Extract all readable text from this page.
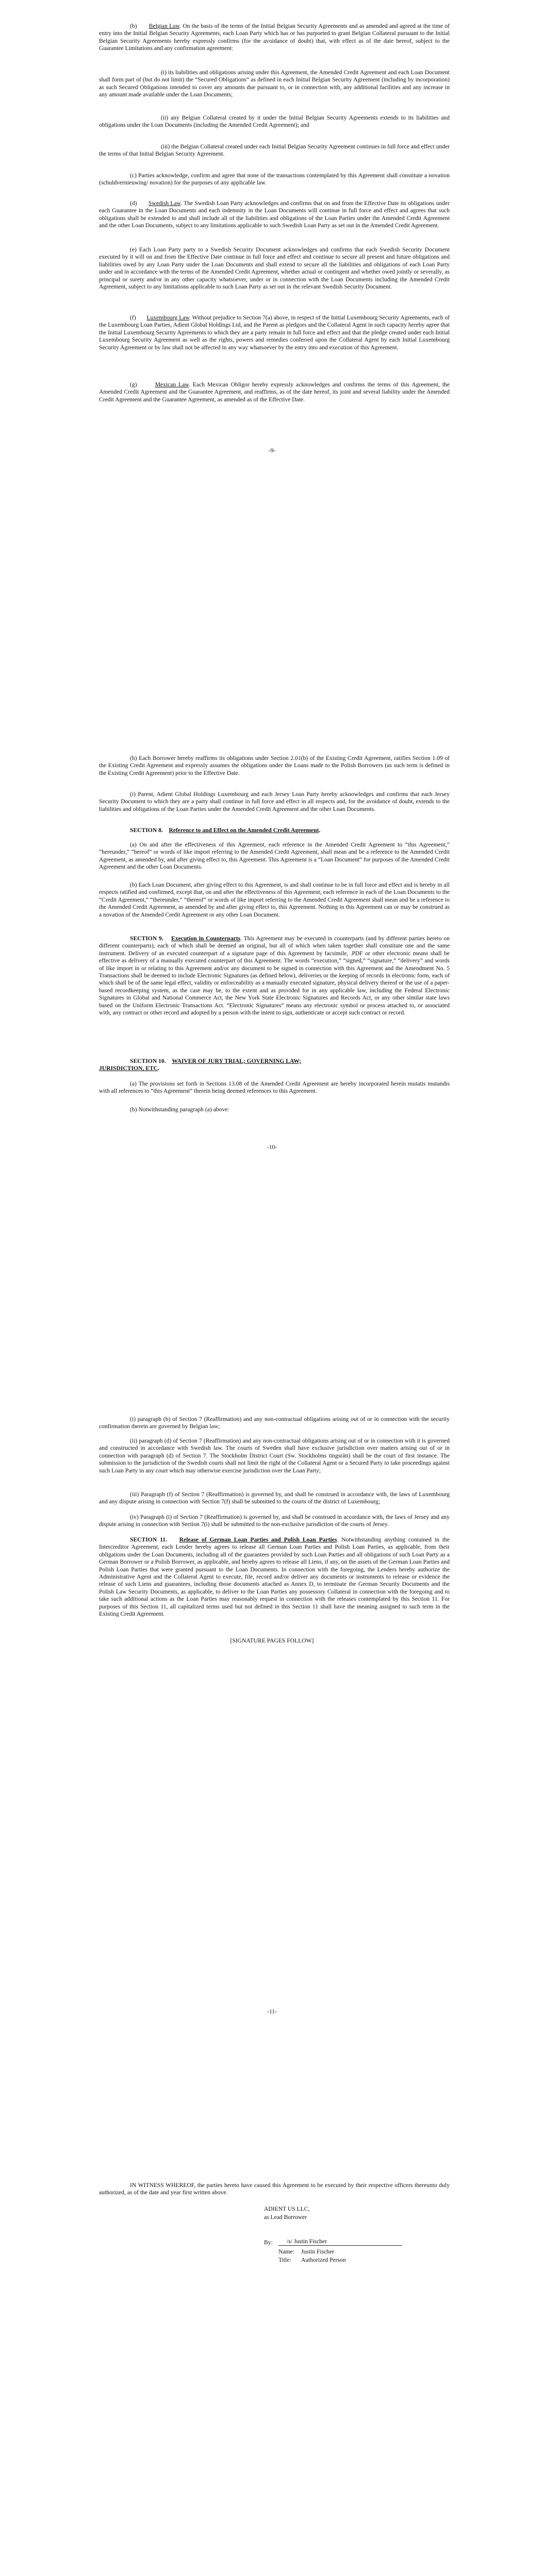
(b) Belgian Law. On the basis of the terms of the Initial Belgian Security Agreements and as amended and agreed at the time of entry into the Initial Belgian Security Agreements, each Loan Party which has or has purported to grant Belgian Collateral pursuant to the Initial Belgian Security Agreements hereby expressly confirms (for the avoidance of doubt) that, with effect as of the date hereof, subject to the Guarantee Limitations and any confirmation agreement:

(i) its liabilities and obligations arising under this Agreement, the Amended Credit Agreement and each Loan Document shall form part of (but do not limit) the “Secured Obligations” as defined in each Initial Belgian Security Agreement (including by incorporation) as such Secured Obligations intended to cover any amounts due pursuant to, or in connection with, any additional facilities and any increase in any amount made available under the Loan Documents;

(ii) any Belgian Collateral created by it under the Initial Belgian Security Agreements extends to its liabilities and obligations under the Loan Documents (including the Amended Credit Agreement); and

(iii) the Belgian Collateral created under each Initial Belgian Security Agreement continues in full force and effect under the terms of that Initial Belgian Security Agreement.

(c) Parties acknowledge, confirm and agree that none of the transactions contemplated by this Agreement shall constitute a novation (schuldvernieuwing/ novation) for the purposes of any applicable law.

(d) Swedish Law. The Swedish Loan Party acknowledges and confirms that on and from the Effective Date its obligations under each Guarantee in the Loan Documents and each indemnity in the Loan Documents will continue in full force and effect and agrees that such obligations shall be extended to and shall include all of the liabilities and obligations of the Loan Parties under the Amended Credit Agreement and the other Loan Documents, subject to any limitations applicable to such Swedish Loan Party as set out in the Amended Credit Agreement.

(e) Each Loan Party party to a Swedish Security Document acknowledges and confirms that each Swedish Security Document executed by it will on and from the Effective Date continue in full force and effect and continue to secure all present and future obligations and liabilities owed by any Loan Party under the Loan Documents and shall extend to secure all the liabilities and obligations of each Loan Party under and in accordance with the terms of the Amended Credit Agreement, whether actual or contingent and whether owed jointly or severally, as principal or surety and/or in any other capacity whatsoever, under or in connection with the Loan Documents including the Amended Credit Agreement, subject to any limitations applicable to such Loan Party as set out in the relevant Swedish Security Document.

(f) Luxembourg Law. Without prejudice to Section 7(a) above, in respect of the Initial Luxembourg Security Agreements, each of the Luxembourg Loan Parties, Adient Global Holdings Ltd, and the Parent as pledgors and the Collateral Agent in such capacity hereby agree that the Initial Luxembourg Security Agreements to which they are a party remain in full force and effect and that the pledge created under each Initial Luxembourg Security Agreement as well as the rights, powers and remedies conferred upon the Collateral Agent by each Initial Luxembourg Security Agreement or by law shall not be affected in any way whatsoever by the entry into and execution of this Agreement.

(g)	Mexican Law. Each Mexican Obligor hereby expressly acknowledges and confirms the terms of this Agreement, the Amended Credit Agreement and the Guarantee Agreement, and reaffirms, as of the date hereof, its joint and several liability under the Amended Credit Agreement and the Guarantee Agreement, as amended as of the Effective Date.

-9-

(h) Each Borrower hereby reaffirms its obligations under Section 2.01(b) of the Existing Credit Agreement, ratifies Section 1.09 of the Existing Credit Agreement and expressly assumes the obligations under the Loans made to the Polish Borrowers (as such term is defined in the Existing Credit Agreement) prior to the Effective Date.

(i) Parent, Adient Global Holdings Luxembourg and each Jersey Loan Party hereby acknowledges and confirms that each Jersey Security Document to which they are a party shall continue in full force and effect in all respects and, for the avoidance of doubt, extends to the liabilities and obligations of the Loan Parties under the Amended Credit Agreement and the other Loan Documents.

SECTION 8. Reference to and Effect on the Amended Credit Agreement.

(a) On and after the effectiveness of this Agreement, each reference in the Amended Credit Agreement to “this Agreement,” “hereunder,” “hereof” or words of like import referring to the Amended Credit Agreement, shall mean and be a reference to the Amended Credit Agreement, as amended by, and after giving effect to, this Agreement. This Agreement is a “Loan Document” for purposes of the Amended Credit Agreement and the other Loan Documents.

(b) Each Loan Document, after giving effect to this Agreement, is and shall continue to be in full force and effect and is hereby in all respects ratified and confirmed, except that, on and after the effectiveness of this Agreement, each reference in each of the Loan Documents to the “Credit Agreement,” “thereunder,” “thereof” or words of like import referring to the Amended Credit Agreement shall mean and be a reference to the Amended Credit Agreement, as amended by and after giving effect to, this Agreement. Nothing in this Agreement can or may be construed as a novation of the Amended Credit Agreement or any other Loan Document.

SECTION 9. Execution in Counterparts. This Agreement may be executed in counterparts (and by different parties hereto on different counterparts), each of which shall be deemed an original, but all of which when taken together shall constitute one and the same instrument. Delivery of an executed counterpart of a signature page of this Agreement by facsimile, .PDF or other electronic means shall be effective as delivery of a manually executed counterpart of this Agreement. The words “execution,” “signed,” “signature,” “delivery” and words of like import in or relating to this Agreement and/or any document to be signed in connection with this Agreement and the Amendment No. 5 Transactions shall be deemed to include Electronic Signatures (as defined below), deliveries or the keeping of records in electronic form, each of which shall be of the same legal effect, validity or enforceability as a manually executed signature, physical delivery thereof or the use of a paper-based recordkeeping system, as the case may be, to the extent and as provided for in any applicable law, including the Federal Electronic Signatures in Global and National Commerce Act, the New York State Electronic Signatures and Records Act, or any other similar state laws based on the Uniform Electronic Transactions Act. “Electronic Signatures” means any electronic symbol or process attached to, or associated with, any contract or other record and adopted by a person with the intent to sign, authenticate or accept such contract or record.

SECTION 10. WAIVER OF JURY TRIAL; GOVERNING LAW;
JURISDICTION, ETC.

(a) The provisions set forth in Sections 13.08 of the Amended Credit Agreement are hereby incorporated herein mutatis mutandis with all references to “this Agreement” therein being deemed references to this Agreement.

(b) Notwithstanding paragraph (a) above:

-10-

(i) paragraph (b) of Section 7 (Reaffirmation) and any non-contractual obligations arising out of or in connection with the security confirmation therein are governed by Belgian law;

(ii) paragraph (d) of Section 7 (Reaffirmation) and any non-contractual obligations arising out of or in connection with it is governed and constructed in accordance with Swedish law. The courts of Sweden shall have exclusive jurisdiction over matters arising out of or in connection with paragraph (d) of Section 7. The Stockholm District Court (Sw. Stockholms tingsrätt) shall be the court of first instance. The submission to the jurisdiction of the Swedish courts shall not limit the right of the Collateral Agent or a Secured Party to take proceedings against such Loan Party in any court which may otherwise exercise jurisdiction over the Loan Party;

(iii) Paragraph (f) of Section 7 (Reaffirmation) is governed by, and shall be construed in accordance with, the laws of Luxembourg and any dispute arising in connection with Section 7(f) shall be submitted to the courts of the district of Luxembourg;

(iv) Paragraph (i) of Section 7 (Reaffirmation) is governed by, and shall be construed in accordance with, the laws of Jersey and any dispute arising in connection with Section 7(i) shall be submitted to the non-exclusive jurisdiction of the courts of Jersey.

SECTION 11. Release of German Loan Parties and Polish Loan Parties. Notwithstanding anything contained in the Intercreditor Agreement, each Lender hereby agrees to release all German Loan Parties and Polish Loan Parties, as applicable, from their obligations under the Loan Documents, including all of the guarantees provided by such Loan Parties and all obligations of such Loan Party as a German Borrower or a Polish Borrower, as applicable, and hereby agrees to release all Liens, if any, on the assets of the German Loan Parties and Polish Loan Parties that were granted pursuant to the Loan Documents. In connection with the foregoing, the Lenders hereby authorize the Administrative Agent and the Collateral Agent to execute, file, record and/or deliver any documents or instruments to release or evidence the release of such Liens and guarantees, including those documents attached as Annex D, to terminate the German Security Documents and the Polish Law Security Documents, as applicable, to deliver to the Loan Parties any possessory Collateral in connection with the foregoing and to take such additional actions as the Loan Parties may reasonably request in connection with the releases contemplated by this Section 11. For purposes of this Section 11, all capitalized terms used but not defined in this Section 11 shall have the meaning assigned to such term in the Existing Credit Agreement.

[SIGNATURE PAGES FOLLOW]
-11-

IN WITNESS WHEREOF, the parties hereto have caused this Agreement to be executed by their respective officers thereunto duly authorized, as of the date and year first written above.

ADIENT US LLC,
as Lead Borrower
By:	/s/ Justin Fischer
Name:	Justin Fischer
Title:	Authorized Person
